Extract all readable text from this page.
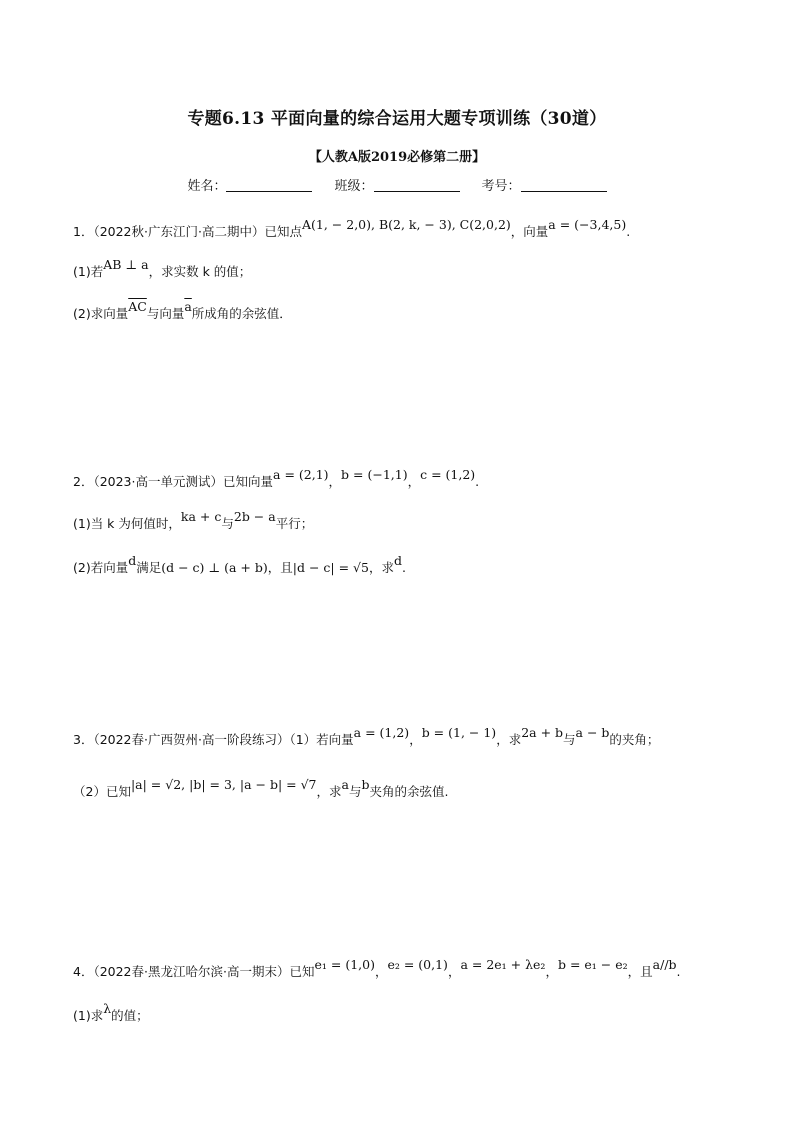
专题6.13 平面向量的综合运用大题专项训练（30道）
【人教A版2019必修第二册】
姓名：	班级：	考号：
1．（2022秋·广东江门·高二期中）已知点A(1, − 2,0), B(2, k, − 3), C(2,0,2)，向量a = (−3,4,5).
(1)若AB ⊥ a，求实数 k 的值；
(2)求向量$\overline{AC}$与向量$\overline{a}$所成角的余弦值．
2．（2023·高一单元测试）已知向量a = (2,1)，b = (−1,1)，c = (1,2).
(1)当 k 为何值时，ka + c与2b − a平行；
(2)若向量d满足(d − c) ⊥ (a + b)，且|d − c| = √5，求d.
3．（2022春·广西贺州·高一阶段练习）（1）若向量a = (1,2)，b = (1, − 1)，求2a + b与a − b的夹角；
（2）已知|a| = √2, |b| = 3, |a − b| = √7，求a与b夹角的余弦值.
4．（2022春·黑龙江哈尔滨·高一期末）已知e₁ = (1,0)，e₂ = (0,1)，a = 2e₁ + λe₂，b = e₁ − e₂，且a//b.
(1)求λ的值；
